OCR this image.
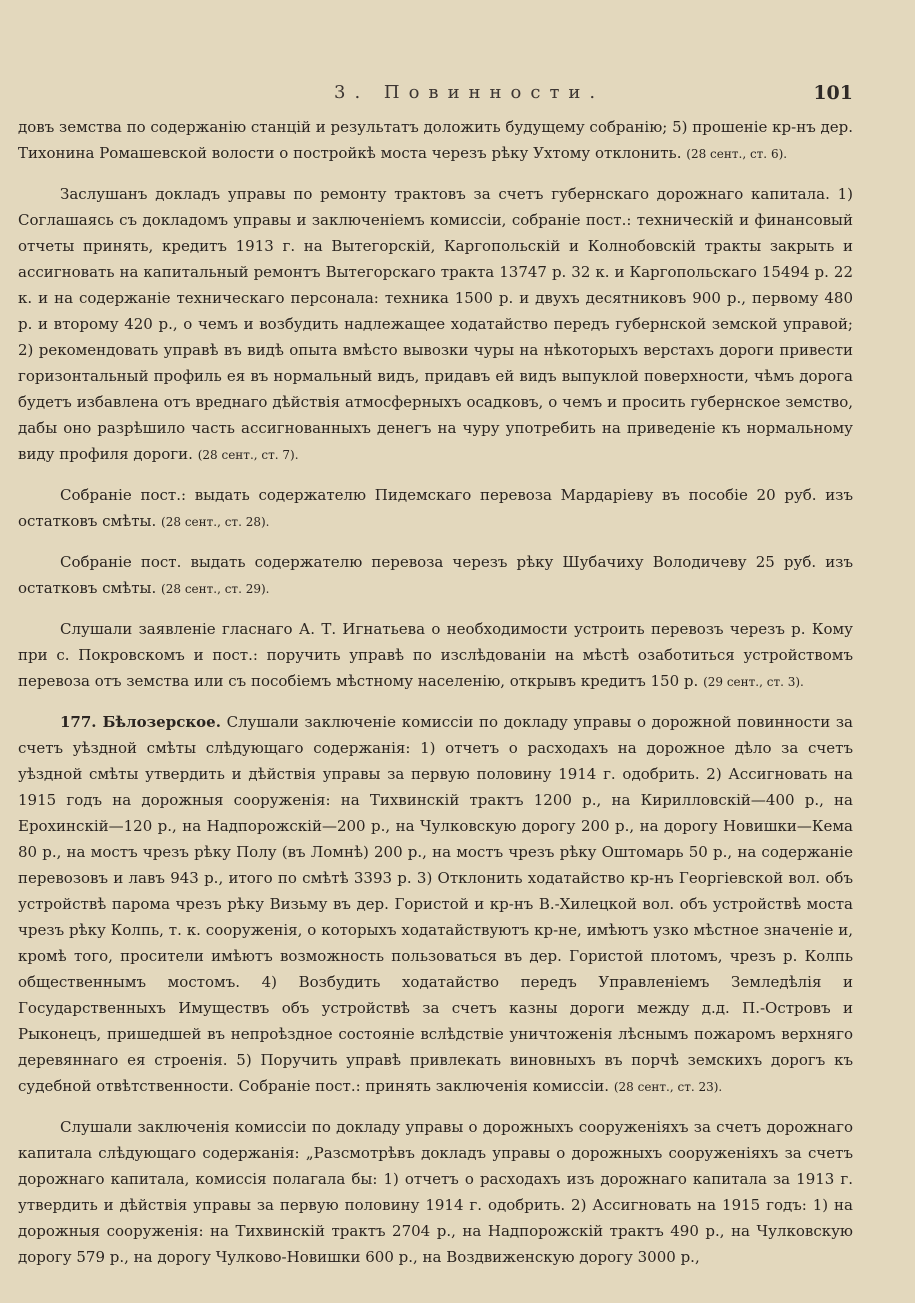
3. Повинности.	101

довъ земства по содержанію станцій и результатъ доложить будущему собранію; 5) прошеніе кр-нъ дер. Тихонина Ромашевской волости о постройкѣ моста черезъ рѣку Ухтому отклонить. (28 сент., ст. 6).

Заслушанъ докладъ управы по ремонту трактовъ за счетъ губернскаго дорожнаго капитала. 1) Соглашаясь съ докладомъ управы и заключеніемъ комиссіи, собраніе пост.: техническій и финансовый отчеты принять, кредитъ 1913 г. на Вытегорскій, Каргопольскій и Колнобовскій тракты закрыть и ассигновать на капитальный ремонтъ Вытегорскаго тракта 13747 р. 32 к. и Каргопольскаго 15494 р. 22 к. и на содержаніе техническаго персонала: техника 1500 р. и двухъ десятниковъ 900 р., первому 480 р. и второму 420 р., о чемъ и возбудить надлежащее ходатайство передъ губернской земской управой; 2) рекомендовать управѣ въ видѣ опыта вмѣсто вывозки чуры на нѣкоторыхъ верстахъ дороги привести горизонтальный профиль ея въ нормальный видъ, придавъ ей видъ выпуклой поверхности, чѣмъ дорога будетъ избавлена отъ вреднаго дѣйствія атмосферныхъ осадковъ, о чемъ и просить губернское земство, дабы оно разрѣшило часть ассигнованныхъ денегъ на чуру употребить на приведеніе къ нормальному виду профиля дороги. (28 сент., ст. 7).

Собраніе пост.: выдать содержателю Пидемскаго перевоза Мардаріеву въ пособіе 20 руб. изъ остатковъ смѣты. (28 сент., ст. 28).

Собраніе пост. выдать содержателю перевоза черезъ рѣку Шубачиху Володичеву 25 руб. изъ остатковъ смѣты. (28 сент., ст. 29).

Слушали заявленіе гласнаго А. Т. Игнатьева о необходимости устроить перевозъ черезъ р. Кому при с. Покровскомъ и пост.: поручить управѣ по изслѣдованіи на мѣстѣ озаботиться устройствомъ перевоза отъ земства или съ пособіемъ мѣстному населенію, открывъ кредитъ 150 р. (29 сент., ст. 3).

177. Бѣлозерское. Слушали заключеніе комиссіи по докладу управы о дорожной повинности за счетъ уѣздной смѣты слѣдующаго содержанія: 1) отчетъ о расходахъ на дорожное дѣло за счетъ уѣздной смѣты утвердить и дѣйствія управы за первую половину 1914 г. одобрить. 2) Ассигновать на 1915 годъ на дорожныя сооруженія: на Тихвинскій трактъ 1200 р., на Кирилловскій—400 р., на Ерохинскій—120 р., на Надпорожскій—200 р., на Чулковскую дорогу 200 р., на дорогу Новишки—Кема 80 р., на мостъ чрезъ рѣку Полу (въ Ломнѣ) 200 р., на мостъ чрезъ рѣку Оштомарь 50 р., на содержаніе перевозовъ и лавъ 943 р., итого по смѣтѣ 3393 р. 3) Отклонить ходатайство кр-нъ Георгіевской вол. объ устройствѣ парома чрезъ рѣку Визьму въ дер. Гористой и кр-нъ В.-Хилецкой вол. объ устройствѣ моста чрезъ рѣку Колпь, т. к. сооруженія, о которыхъ ходатайствуютъ кр-не, имѣютъ узко мѣстное значеніе и, кромѣ того, просители имѣютъ возможность пользоваться въ дер. Гористой плотомъ, чрезъ р. Колпь общественнымъ мостомъ. 4) Возбудить ходатайство передъ Управленіемъ Земледѣлія и Государственныхъ Имуществъ объ устройствѣ за счетъ казны дороги между д.д. П.-Островъ и Рыконецъ, пришедшей въ непроѣздное состояніе вслѣдствіе уничтоженія лѣснымъ пожаромъ верхняго деревяннаго ея строенія. 5) Поручить управѣ привлекать виновныхъ въ порчѣ земскихъ дорогъ къ судебной отвѣтственности. Собраніе пост.: принять заключенія комиссіи. (28 сент., ст. 23).

Слушали заключенія комиссіи по докладу управы о дорожныхъ сооруженіяхъ за счетъ дорожнаго капитала слѣдующаго содержанія: „Разсмотрѣвъ докладъ управы о дорожныхъ сооруженіяхъ за счетъ дорожнаго капитала, комиссія полагала бы: 1) отчетъ о расходахъ изъ дорожнаго капитала за 1913 г. утвердить и дѣйствія управы за первую половину 1914 г. одобрить. 2) Ассигновать на 1915 годъ: 1) на дорожныя сооруженія: на Тихвинскій трактъ 2704 р., на Надпорожскій трактъ 490 р., на Чулковскую дорогу 579 р., на дорогу Чулково-Новишки 600 р., на Воздвиженскую дорогу 3000 р.,
